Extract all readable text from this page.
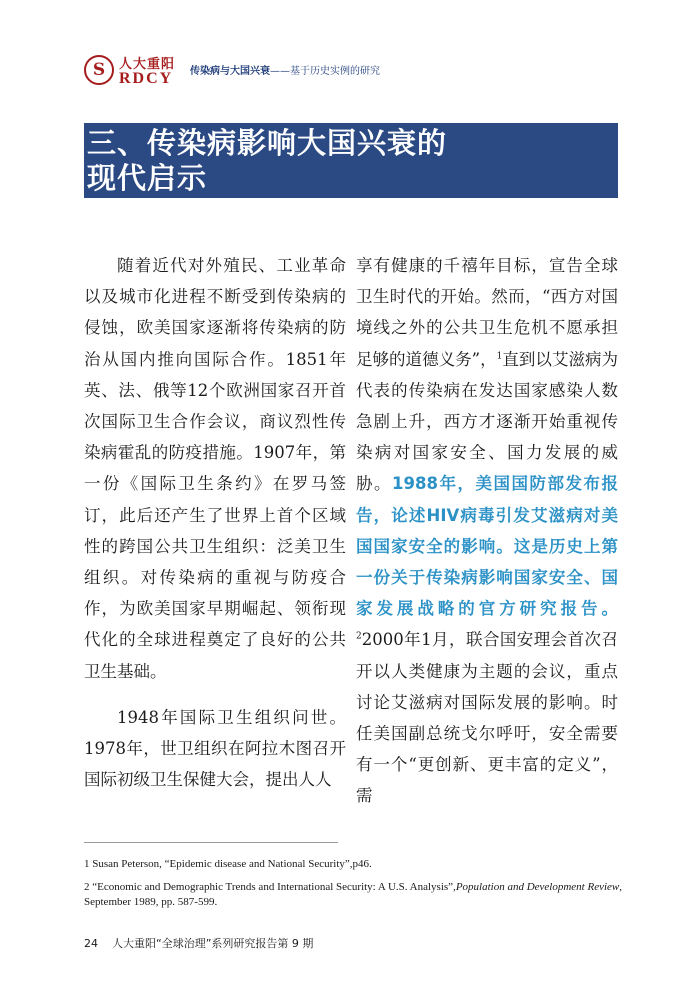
S 人大重阳
RDCY 传染病与大国兴衰——基于历史实例的研究
三、传染病影响大国兴衰的
现代启示

随着近代对外殖民、工业革命以及城市化进程不断受到传染病的侵蚀，欧美国家逐渐将传染病的防治从国内推向国际合作。1851年英、法、俄等12个欧洲国家召开首次国际卫生合作会议，商议烈性传染病霍乱的防疫措施。1907年，第一份《国际卫生条约》在罗马签订，此后还产生了世界上首个区域性的跨国公共卫生组织：泛美卫生组织。对传染病的重视与防疫合作，为欧美国家早期崛起、领衔现代化的全球进程奠定了良好的公共卫生基础。

1948年国际卫生组织问世。1978年，世卫组织在阿拉木图召开国际初级卫生保健大会，提出人人

享有健康的千禧年目标，宣告全球卫生时代的开始。然而，“西方对国境线之外的公共卫生危机不愿承担足够的道德义务”，$^1$直到以艾滋病为代表的传染病在发达国家感染人数急剧上升，西方才逐渐开始重视传染病对国家安全、国力发展的威胁。1988年，美国国防部发布报告，论述HIV病毒引发艾滋病对美国国家安全的影响。这是历史上第一份关于传染病影响国家安全、国家发展战略的官方研究报告。$^2$2000年1月，联合国安理会首次召开以人类健康为主题的会议，重点讨论艾滋病对国际发展的影响。时任美国副总统戈尔呼吁，安全需要有一个“更创新、更丰富的定义”，需

1 Susan Peterson, “Epidemic disease and National Security”,p46.
2 “Economic and Demographic Trends and International Security: A U.S. Analysis”,Population and Development Review, September 1989, pp. 587-599.
24 人大重阳“全球治理”系列研究报告第 9 期
